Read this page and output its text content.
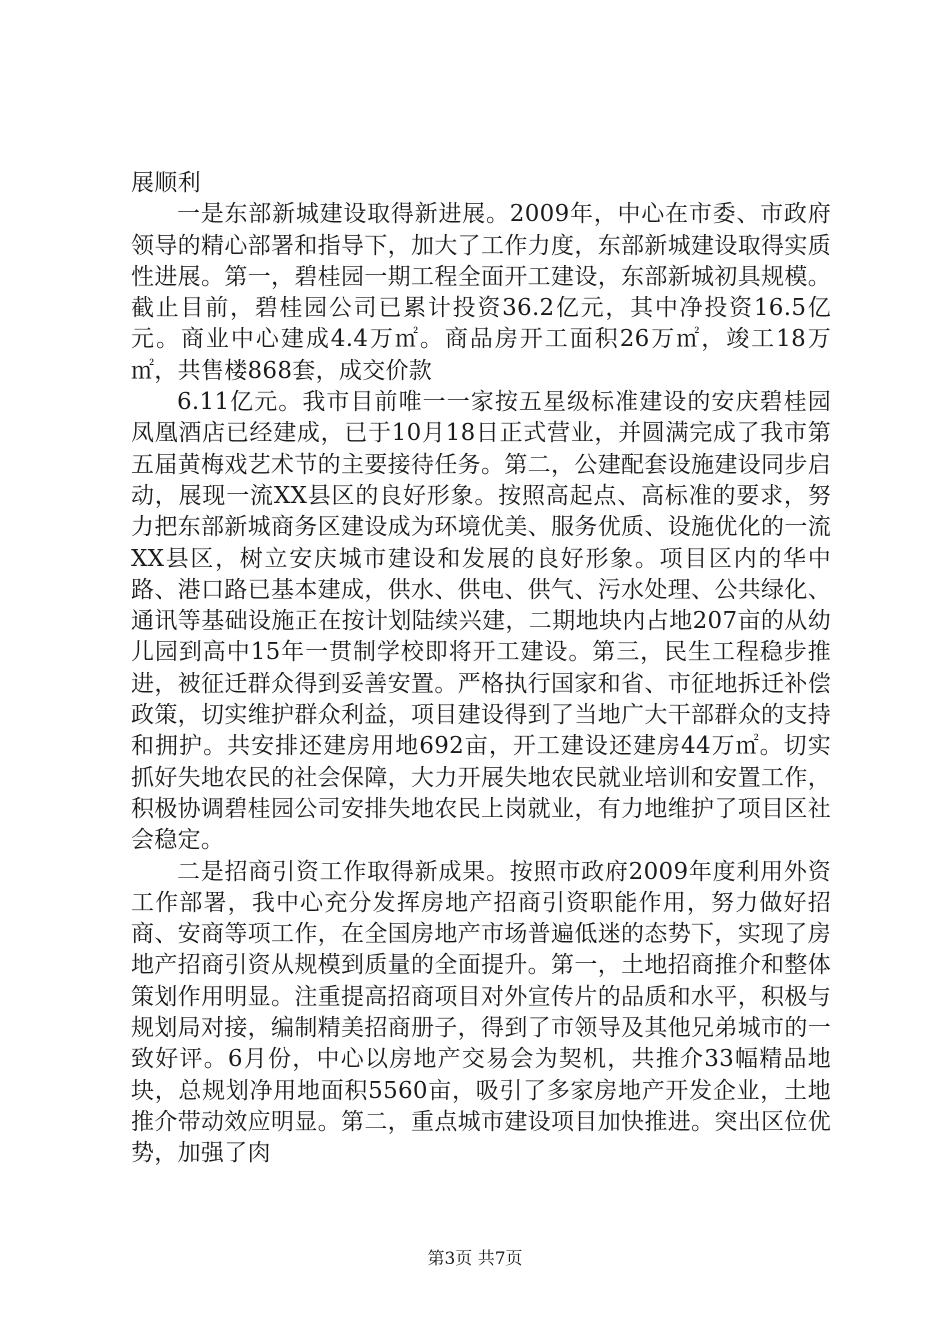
展顺利

一是东部新城建设取得新进展。2009年，中心在市委、市政府领导的精心部署和指导下，加大了工作力度，东部新城建设取得实质性进展。第一，碧桂园一期工程全面开工建设，东部新城初具规模。截止目前，碧桂园公司已累计投资36.2亿元，其中净投资16.5亿元。商业中心建成4.4万㎡。商品房开工面积26万㎡，竣工18万㎡，共售楼868套，成交价款

6.11亿元。我市目前唯一一家按五星级标准建设的安庆碧桂园凤凰酒店已经建成，已于10月18日正式营业，并圆满完成了我市第五届黄梅戏艺术节的主要接待任务。第二，公建配套设施建设同步启动，展现一流XX县区的良好形象。按照高起点、高标准的要求，努力把东部新城商务区建设成为环境优美、服务优质、设施优化的一流XX县区，树立安庆城市建设和发展的良好形象。项目区内的华中路、港口路已基本建成，供水、供电、供气、污水处理、公共绿化、通讯等基础设施正在按计划陆续兴建，二期地块内占地207亩的从幼儿园到高中15年一贯制学校即将开工建设。第三，民生工程稳步推进，被征迁群众得到妥善安置。严格执行国家和省、市征地拆迁补偿政策，切实维护群众利益，项目建设得到了当地广大干部群众的支持和拥护。共安排还建房用地692亩，开工建设还建房44万㎡。切实抓好失地农民的社会保障，大力开展失地农民就业培训和安置工作，积极协调碧桂园公司安排失地农民上岗就业，有力地维护了项目区社会稳定。

二是招商引资工作取得新成果。按照市政府2009年度利用外资工作部署，我中心充分发挥房地产招商引资职能作用，努力做好招商、安商等项工作，在全国房地产市场普遍低迷的态势下，实现了房地产招商引资从规模到质量的全面提升。第一，土地招商推介和整体策划作用明显。注重提高招商项目对外宣传片的品质和水平，积极与规划局对接，编制精美招商册子，得到了市领导及其他兄弟城市的一致好评。6月份，中心以房地产交易会为契机，共推介33幅精品地块，总规划净用地面积5560亩，吸引了多家房地产开发企业，土地推介带动效应明显。第二，重点城市建设项目加快推进。突出区位优势，加强了肉

第3页 共7页
